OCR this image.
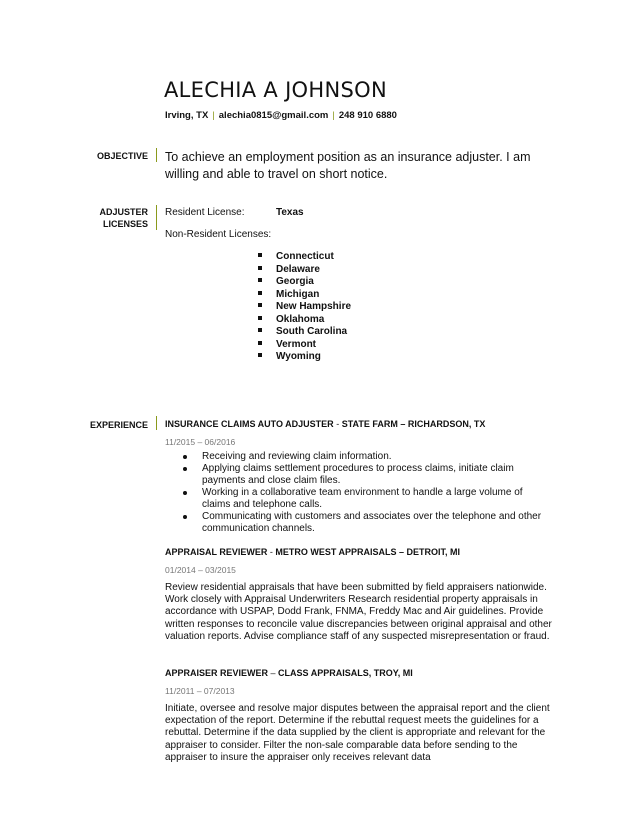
ALECHIA A JOHNSON
Irving, TX | alechia0815@gmail.com | 248 910 6880
OBJECTIVE To achieve an employment position as an insurance adjuster. I am willing and able to travel on short notice.
ADJUSTER
LICENSES
Resident License:	Texas
Non-Resident Licenses:
Connecticut
Delaware
Georgia
Michigan
New Hampshire
Oklahoma
South Carolina
Vermont
Wyoming
EXPERIENCE INSURANCE CLAIMS AUTO ADJUSTER - STATE FARM – RICHARDSON, TX
11/2015 – 06/2016
Receiving and reviewing claim information.
Applying claims settlement procedures to process claims, initiate claim payments and close claim files.
Working in a collaborative team environment to handle a large volume of claims and telephone calls.
Communicating with customers and associates over the telephone and other communication channels.
APPRAISAL REVIEWER - METRO WEST APPRAISALS – DETROIT, MI
01/2014 – 03/2015
Review residential appraisals that have been submitted by field appraisers nationwide. Work closely with Appraisal Underwriters Research residential property appraisals in accordance with USPAP, Dodd Frank, FNMA, Freddy Mac and Air guidelines. Provide written responses to reconcile value discrepancies between original appraisal and other valuation reports. Advise compliance staff of any suspected misrepresentation or fraud.
APPRAISER REVIEWER – CLASS APPRAISALS, TROY, MI
11/2011 – 07/2013
Initiate, oversee and resolve major disputes between the appraisal report and the client expectation of the report. Determine if the rebuttal request meets the guidelines for a rebuttal. Determine if the data supplied by the client is appropriate and relevant for the appraiser to consider. Filter the non-sale comparable data before sending to the appraiser to insure the appraiser only receives relevant data
